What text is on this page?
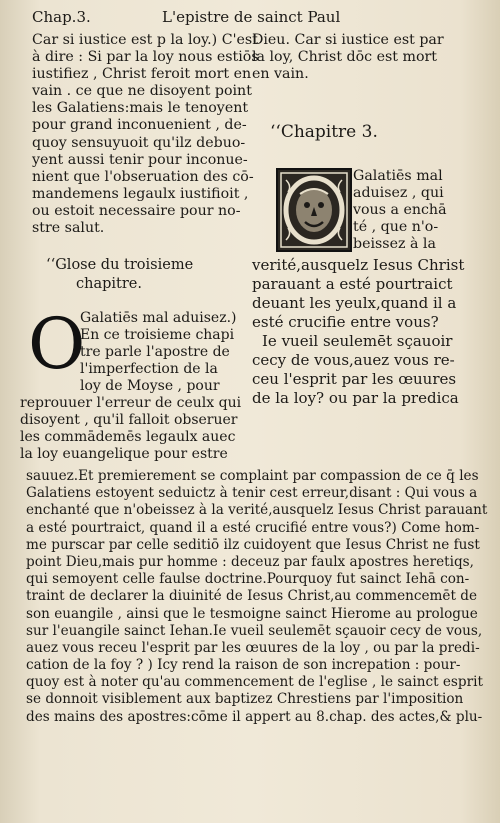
Chap.3.	L'epistre de sainct Paul
Car si iustice est p la loy.) C'est
à dire : Si par la loy nous estiōs
iustifiez , Christ feroit mort en
vain . ce que ne disoyent point
les Galatiens:mais le tenoyent
pour grand inconuenient , de-
quoy sensuyuoit qu'ilz debuo-
yent aussi tenir pour inconue-
nient que l'obseruation des cō-
mandemens legaulx iustifioit ,
ou estoit necessaire pour no-
stre salut.
Dieu. Car si iustice est par
la loy, Christ dōc est mort
en vain.
‘‘Chapitre 3.
Galatiēs mal
aduisez , qui
vous a enchā
té , que n'o-
beissez à la
verité,ausquelz Iesus Christ
parauant a esté pourtraict
deuant les yeulx,quand il a
esté crucifie entre vous?
Ie vueil seulemēt sçauoir
cecy de vous,auez vous re-
ceu l'esprit par les œuures
de la loy? ou par la predica
‘‘Glose du troisieme
chapitre.
O
Galatiēs mal aduisez.)
En ce troisieme chapi
tre parle l'apostre de
l'imperfection de la
loy de Moyse , pour
reprouuer l'erreur de ceulx qui
disoyent , qu'il falloit obseruer
les commādemēs legaulx auec
la loy euangelique pour estre
sauuez.Et premierement se complaint par compassion de ce q̄ les
Galatiens estoyent seduictz à tenir cest erreur,disant : Qui vous a
enchanté que n'obeissez à la verité,ausquelz Iesus Christ parauant
a esté pourtraict, quand il a esté crucifié entre vous?) Come hom-
me purscar par celle seditiō ilz cuidoyent que Iesus Christ ne fust
point Dieu,mais pur homme : deceuz par faulx apostres heretiqs,
qui semoyent celle faulse doctrine.Pourquoy fut sainct Iehā con-
traint de declarer la diuinité de Iesus Christ,au commencemēt de
son euangile , ainsi que le tesmoigne sainct Hierome au prologue
sur l'euangile sainct Iehan.Ie vueil seulemēt sçauoir cecy de vous,
auez vous receu l'esprit par les œuures de la loy , ou par la predi-
cation de la foy ? ) Icy rend la raison de son increpation : pour-
quoy est à noter qu'au commencement de l'eglise , le sainct esprit
se donnoit visiblement aux baptizez Chrestiens par l'imposition
des mains des apostres:cōme il appert au 8.chap. des actes,& plu-
